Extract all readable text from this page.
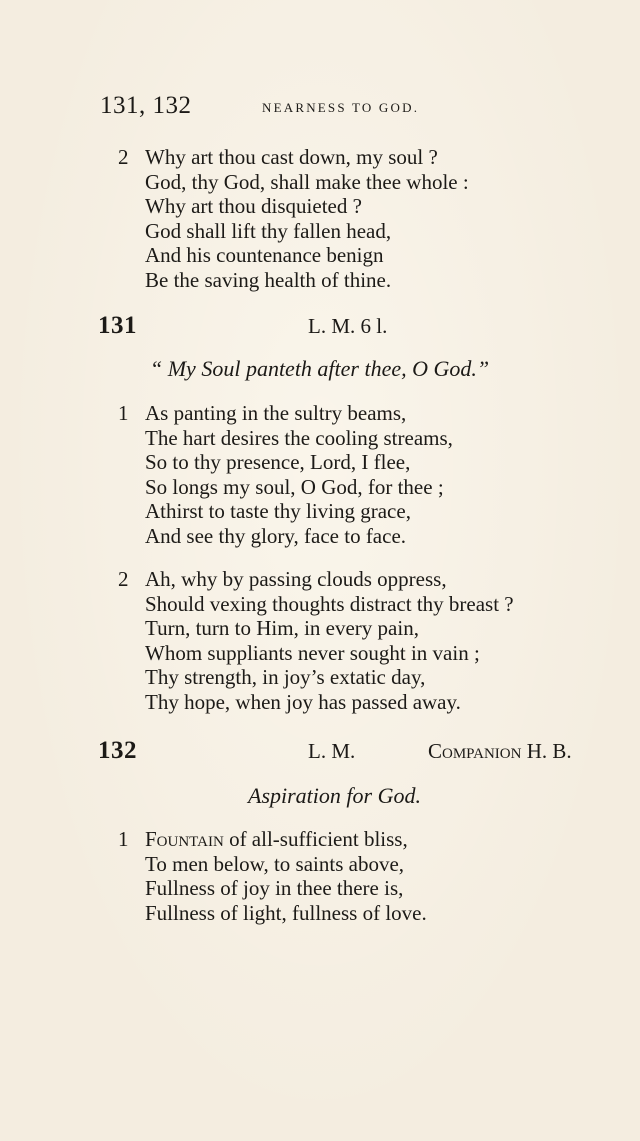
131, 132	NEARNESS TO GOD.
2 Why art thou cast down, my soul ?
God, thy God, shall make thee whole :
Why art thou disquieted ?
God shall lift thy fallen head,
And his countenance benign
Be the saving health of thine.
131	L. M. 6 l.
“ My Soul panteth after thee, O God.”
1 As panting in the sultry beams,
The hart desires the cooling streams,
So to thy presence, Lord, I flee,
So longs my soul, O God, for thee ;
Athirst to taste thy living grace,
And see thy glory, face to face.
2 Ah, why by passing clouds oppress,
Should vexing thoughts distract thy breast ?
Turn, turn to Him, in every pain,
Whom suppliants never sought in vain ;
Thy strength, in joy’s extatic day,
Thy hope, when joy has passed away.
132	L. M.	Companion H. B.
Aspiration for God.
1 Fountain of all-sufficient bliss,
To men below, to saints above,
Fullness of joy in thee there is,
Fullness of light, fullness of love.
